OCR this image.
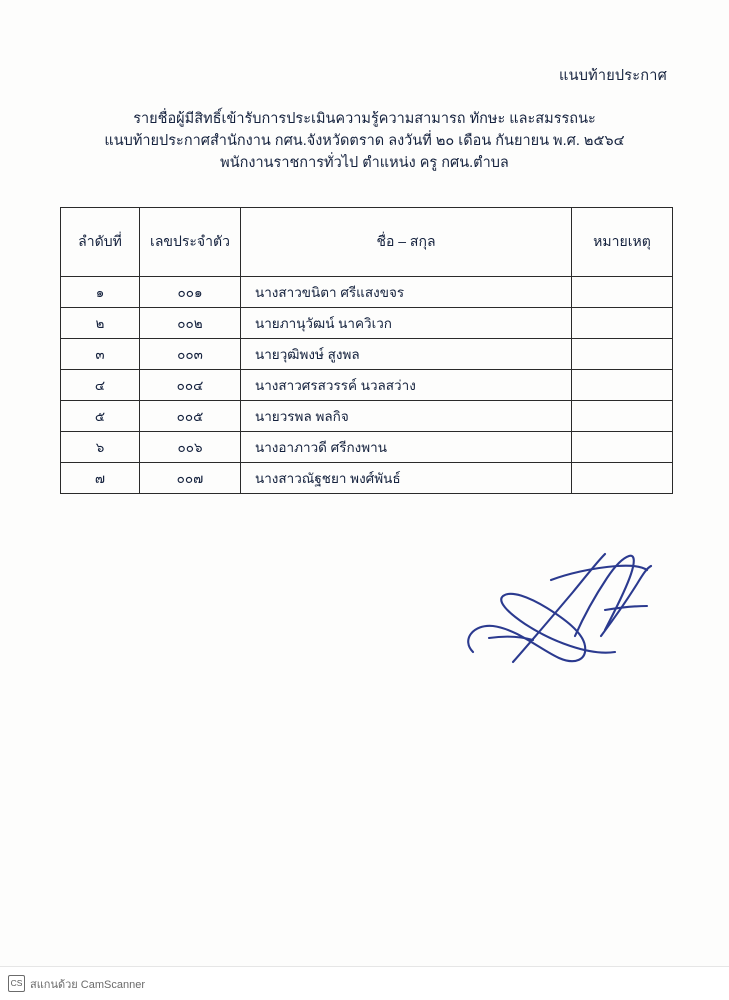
แนบท้ายประกาศ
รายชื่อผู้มีสิทธิ์เข้ารับการประเมินความรู้ความสามารถ ทักษะ และสมรรถนะ
แนบท้ายประกาศสำนักงาน กศน.จังหวัดตราด ลงวันที่ ๒๐ เดือน กันยายน พ.ศ. ๒๕๖๔
พนักงานราชการทั่วไป ตำแหน่ง ครู กศน.ตำบล
ลำดับที่	เลขประจำตัว	ชื่อ – สกุล	หมายเหตุ
๑	๐๐๑	นางสาวขนิตา ศรีแสงขจร	
๒	๐๐๒	นายภานุวัฒน์ นาควิเวก	
๓	๐๐๓	นายวุฒิพงษ์ สูงพล	
๔	๐๐๔	นางสาวศรสวรรค์ นวลสว่าง	
๕	๐๐๕	นายวรพล พลกิจ	
๖	๐๐๖	นางอาภาวดี ศรีกงพาน	
๗	๐๐๗	นางสาวณัฐชยา พงศ์พันธ์	
CS สแกนด้วย CamScanner
